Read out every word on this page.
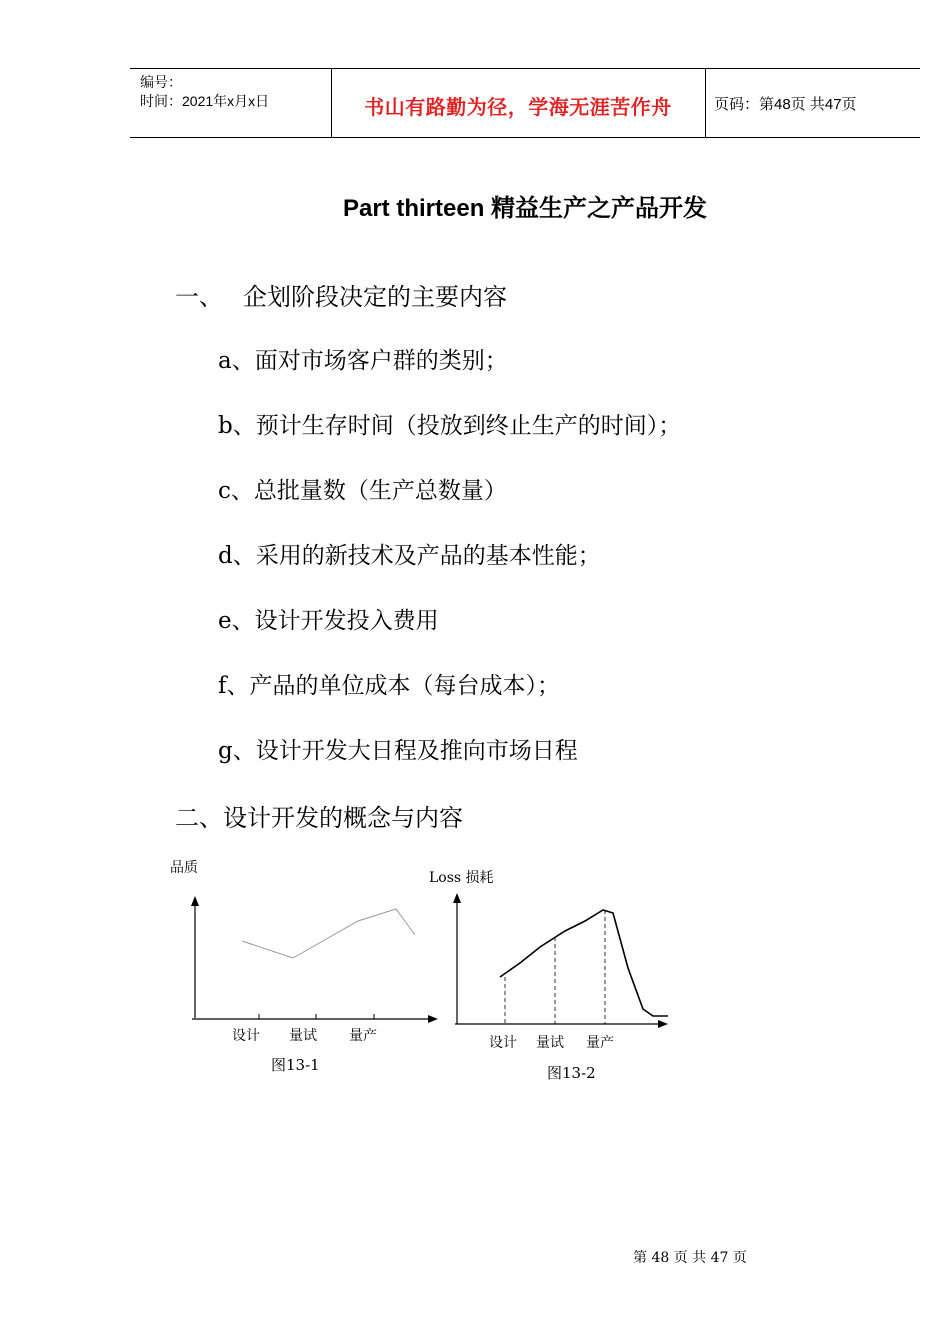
编号：
时间：2021年x月x日	书山有路勤为径，学海无涯苦作舟	页码：第48页 共47页
Part thirteen 精益生产之产品开发
一、 企划阶段决定的主要内容
a、面对市场客户群的类别；
b、预计生存时间（投放到终止生产的时间）；
c、总批量数（生产总数量）
d、采用的新技术及产品的基本性能；
e、设计开发投入费用
f、产品的单位成本（每台成本）；
g、设计开发大日程及推向市场日程
二、设计开发的概念与内容
品质
设计 量试 量产
图13-1
Loss 损耗
设计 量试 量产
图13-2
第 48 页 共 47 页
